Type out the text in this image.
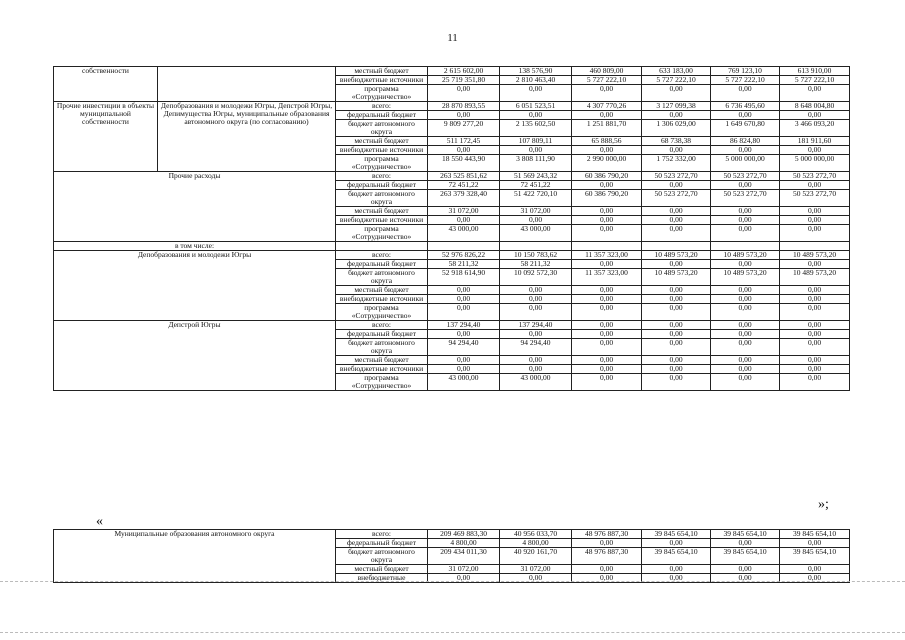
11
собственности		местный бюджет	2 615 602,00	138 576,90	460 809,00	633 183,00	769 123,10	613 910,00
		внебюджетные источники	25 719 351,80	2 810 463,40	5 727 222,10	5 727 222,10	5 727 222,10	5 727 222,10
		программа «Сотрудничество»	0,00	0,00	0,00	0,00	0,00	0,00
Прочие инвестиции в объекты муниципальной собственности	Депобразования и молодежи Югры, Депстрой Югры, Депимущества Югры, муниципальные образования автономного округа (по согласованию)	всего:	28 870 893,55	6 051 523,51	4 307 770,26	3 127 099,38	6 736 495,60	8 648 004,80
		федеральный бюджет	0,00	0,00	0,00	0,00	0,00	0,00
		бюджет автономного округа	9 809 277,20	2 135 602,50	1 251 881,70	1 306 029,00	1 649 670,80	3 466 093,20
		местный бюджет	511 172,45	107 809,11	65 888,56	68 738,38	86 824,80	181 911,60
		внебюджетные источники	0,00	0,00	0,00	0,00	0,00	0,00
		программа «Сотрудничество»	18 550 443,90	3 808 111,90	2 990 000,00	1 752 332,00	5 000 000,00	5 000 000,00
Прочие расходы		всего:	263 525 851,62	51 569 243,32	60 386 790,20	50 523 272,70	50 523 272,70	50 523 272,70
		федеральный бюджет	72 451,22	72 451,22	0,00	0,00	0,00	0,00
		бюджет автономного округа	263 379 328,40	51 422 720,10	60 386 790,20	50 523 272,70	50 523 272,70	50 523 272,70
		местный бюджет	31 072,00	31 072,00	0,00	0,00	0,00	0,00
		внебюджетные источники	0,00	0,00	0,00	0,00	0,00	0,00
		программа «Сотрудничество»	43 000,00	43 000,00	0,00	0,00	0,00	0,00
в том числе:								
Депобразования и молодежи Югры		всего:	52 976 826,22	10 150 783,62	11 357 323,00	10 489 573,20	10 489 573,20	10 489 573,20
		федеральный бюджет	58 211,32	58 211,32	0,00	0,00	0,00	0,00
		бюджет автономного округа	52 918 614,90	10 092 572,30	11 357 323,00	10 489 573,20	10 489 573,20	10 489 573,20
		местный бюджет	0,00	0,00	0,00	0,00	0,00	0,00
		внебюджетные источники	0,00	0,00	0,00	0,00	0,00	0,00
		программа «Сотрудничество»	0,00	0,00	0,00	0,00	0,00	0,00
Депстрой Югры		всего:	137 294,40	137 294,40	0,00	0,00	0,00	0,00
		федеральный бюджет	0,00	0,00	0,00	0,00	0,00	0,00
		бюджет автономного округа	94 294,40	94 294,40	0,00	0,00	0,00	0,00
		местный бюджет	0,00	0,00	0,00	0,00	0,00	0,00
		внебюджетные источники	0,00	0,00	0,00	0,00	0,00	0,00
		программа «Сотрудничество»	43 000,00	43 000,00	0,00	0,00	0,00	0,00
»;
«
Муниципальные образования автономного округа	всего:	209 469 883,30	40 956 033,70	48 976 887,30	39 845 654,10	39 845 654,10	39 845 654,10
	федеральный бюджет	4 800,00	4 800,00	0,00	0,00	0,00	0,00
	бюджет автономного округа	209 434 011,30	40 920 161,70	48 976 887,30	39 845 654,10	39 845 654,10	39 845 654,10
	местный бюджет	31 072,00	31 072,00	0,00	0,00	0,00	0,00
	внебюджетные	0,00	0,00	0,00	0,00	0,00	0,00
